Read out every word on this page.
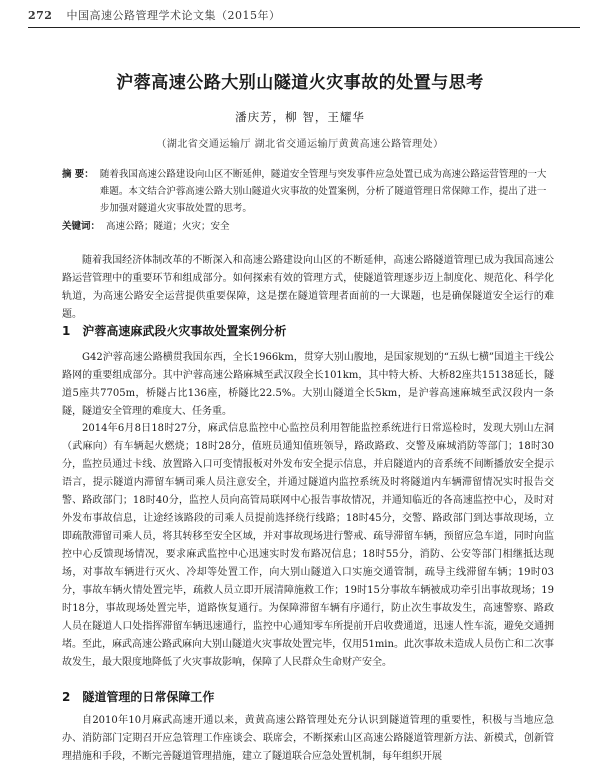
272 中国高速公路管理学术论文集（2015年）
沪蓉高速公路大别山隧道火灾事故的处置与思考
潘庆芳，柳 智，王耀华
（湖北省交通运输厅 湖北省交通运输厅黄黄高速公路管理处）
摘 要： 随着我国高速公路建设向山区不断延伸，隧道安全管理与突发事件应急处置已成为高速公路运营管理的一大难题。本文结合沪蓉高速公路大别山隧道火灾事故的处置案例，分析了隧道管理日常保障工作，提出了进一步加强对隧道火灾事故处置的思考。
关键词： 高速公路；隧道；火灾；安全

随着我国经济体制改革的不断深入和高速公路建设向山区的不断延伸，高速公路隧道管理已成为我国高速公路运营管理中的重要环节和组成部分。如何探索有效的管理方式，使隧道管理逐步迈上制度化、规范化、科学化轨道，为高速公路安全运营提供重要保障，这是摆在隧道管理者面前的一大课题，也是确保隧道安全运行的难题。

1 沪蓉高速麻武段火灾事故处置案例分析

G42沪蓉高速公路横贯我国东西，全长1966km，贯穿大别山腹地，是国家规划的“五纵七横”国道主干线公路网的重要组成部分。其中沪蓉高速公路麻城至武汉段全长101km，其中特大桥、大桥82座共15138延长，隧道5座共7705m，桥隧占比136座，桥隧比22.5%。大别山隧道全长5km，是沪蓉高速麻城至武汉段内一条隧，隧道安全管理的难度大、任务重。

2014年6月8日18时27分，麻武信息监控中心监控员利用智能监控系统进行日常巡检时，发现大别山左洞（武麻向）有车辆起火燃烧；18时28分，值班员通知值班领导，路政路政、交警及麻城消防等部门；18时30分，监控员通过卡线、放置路入口可变情报板对外发布安全提示信息，并启隧道内的音系统不间断播放安全提示语言，提示隧道内滞留车辆司乘人员注意安全，并通过隧道内监控系统及时将隧道内车辆滞留情况实时报告交警、路政部门；18时40分，监控人员向高管局联网中心报告事故情况，并通知临近的各高速监控中心，及时对外发布事故信息，让途经该路段的司乘人员提前选择绕行线路；18时45分，交警、路政部门到达事故现场，立即疏散滞留司乘人员，将其转移至安全区域，并对事故现场进行警戒、疏导滞留车辆，预留应急车道，同时向监控中心反馈现场情况，要求麻武监控中心迅速实时发布路况信息；18时55分，消防、公安等部门相继抵达现场，对事故车辆进行灭火、冷却等处置工作，向大别山隧道入口实施交通管制，疏导主线滞留车辆；19时03分，事故车辆火情处置完毕，疏救人员立即开展清障施救工作；19时15分事故车辆被成功牵引出事故现场；19时18分，事故现场处置完毕，道路恢复通行。为保障滞留车辆有序通行，防止次生事故发生，高速警察、路政人员在隧道人口处指挥滞留车辆迅速通行，监控中心通知零车所提前开启收费通道，迅速人性车流，避免交通拥堵。至此，麻武高速公路武麻向大别山隧道火灾事故处置完毕，仅用51min。此次事故未造成人员伤亡和二次事故发生，最大限度地降低了火灾事故影响，保障了人民群众生命财产安全。

2 隧道管理的日常保障工作

自2010年10月麻武高速开通以来，黄黄高速公路管理处充分认识到隧道管理的重要性，积极与当地应急办、消防部门定期召开应急管理工作座谈会、联席会，不断探索山区高速公路隧道管理新方法、新模式，创新管理措施和手段，不断完善隧道管理措施，建立了隧道联合应急处置机制，每年组织开展
